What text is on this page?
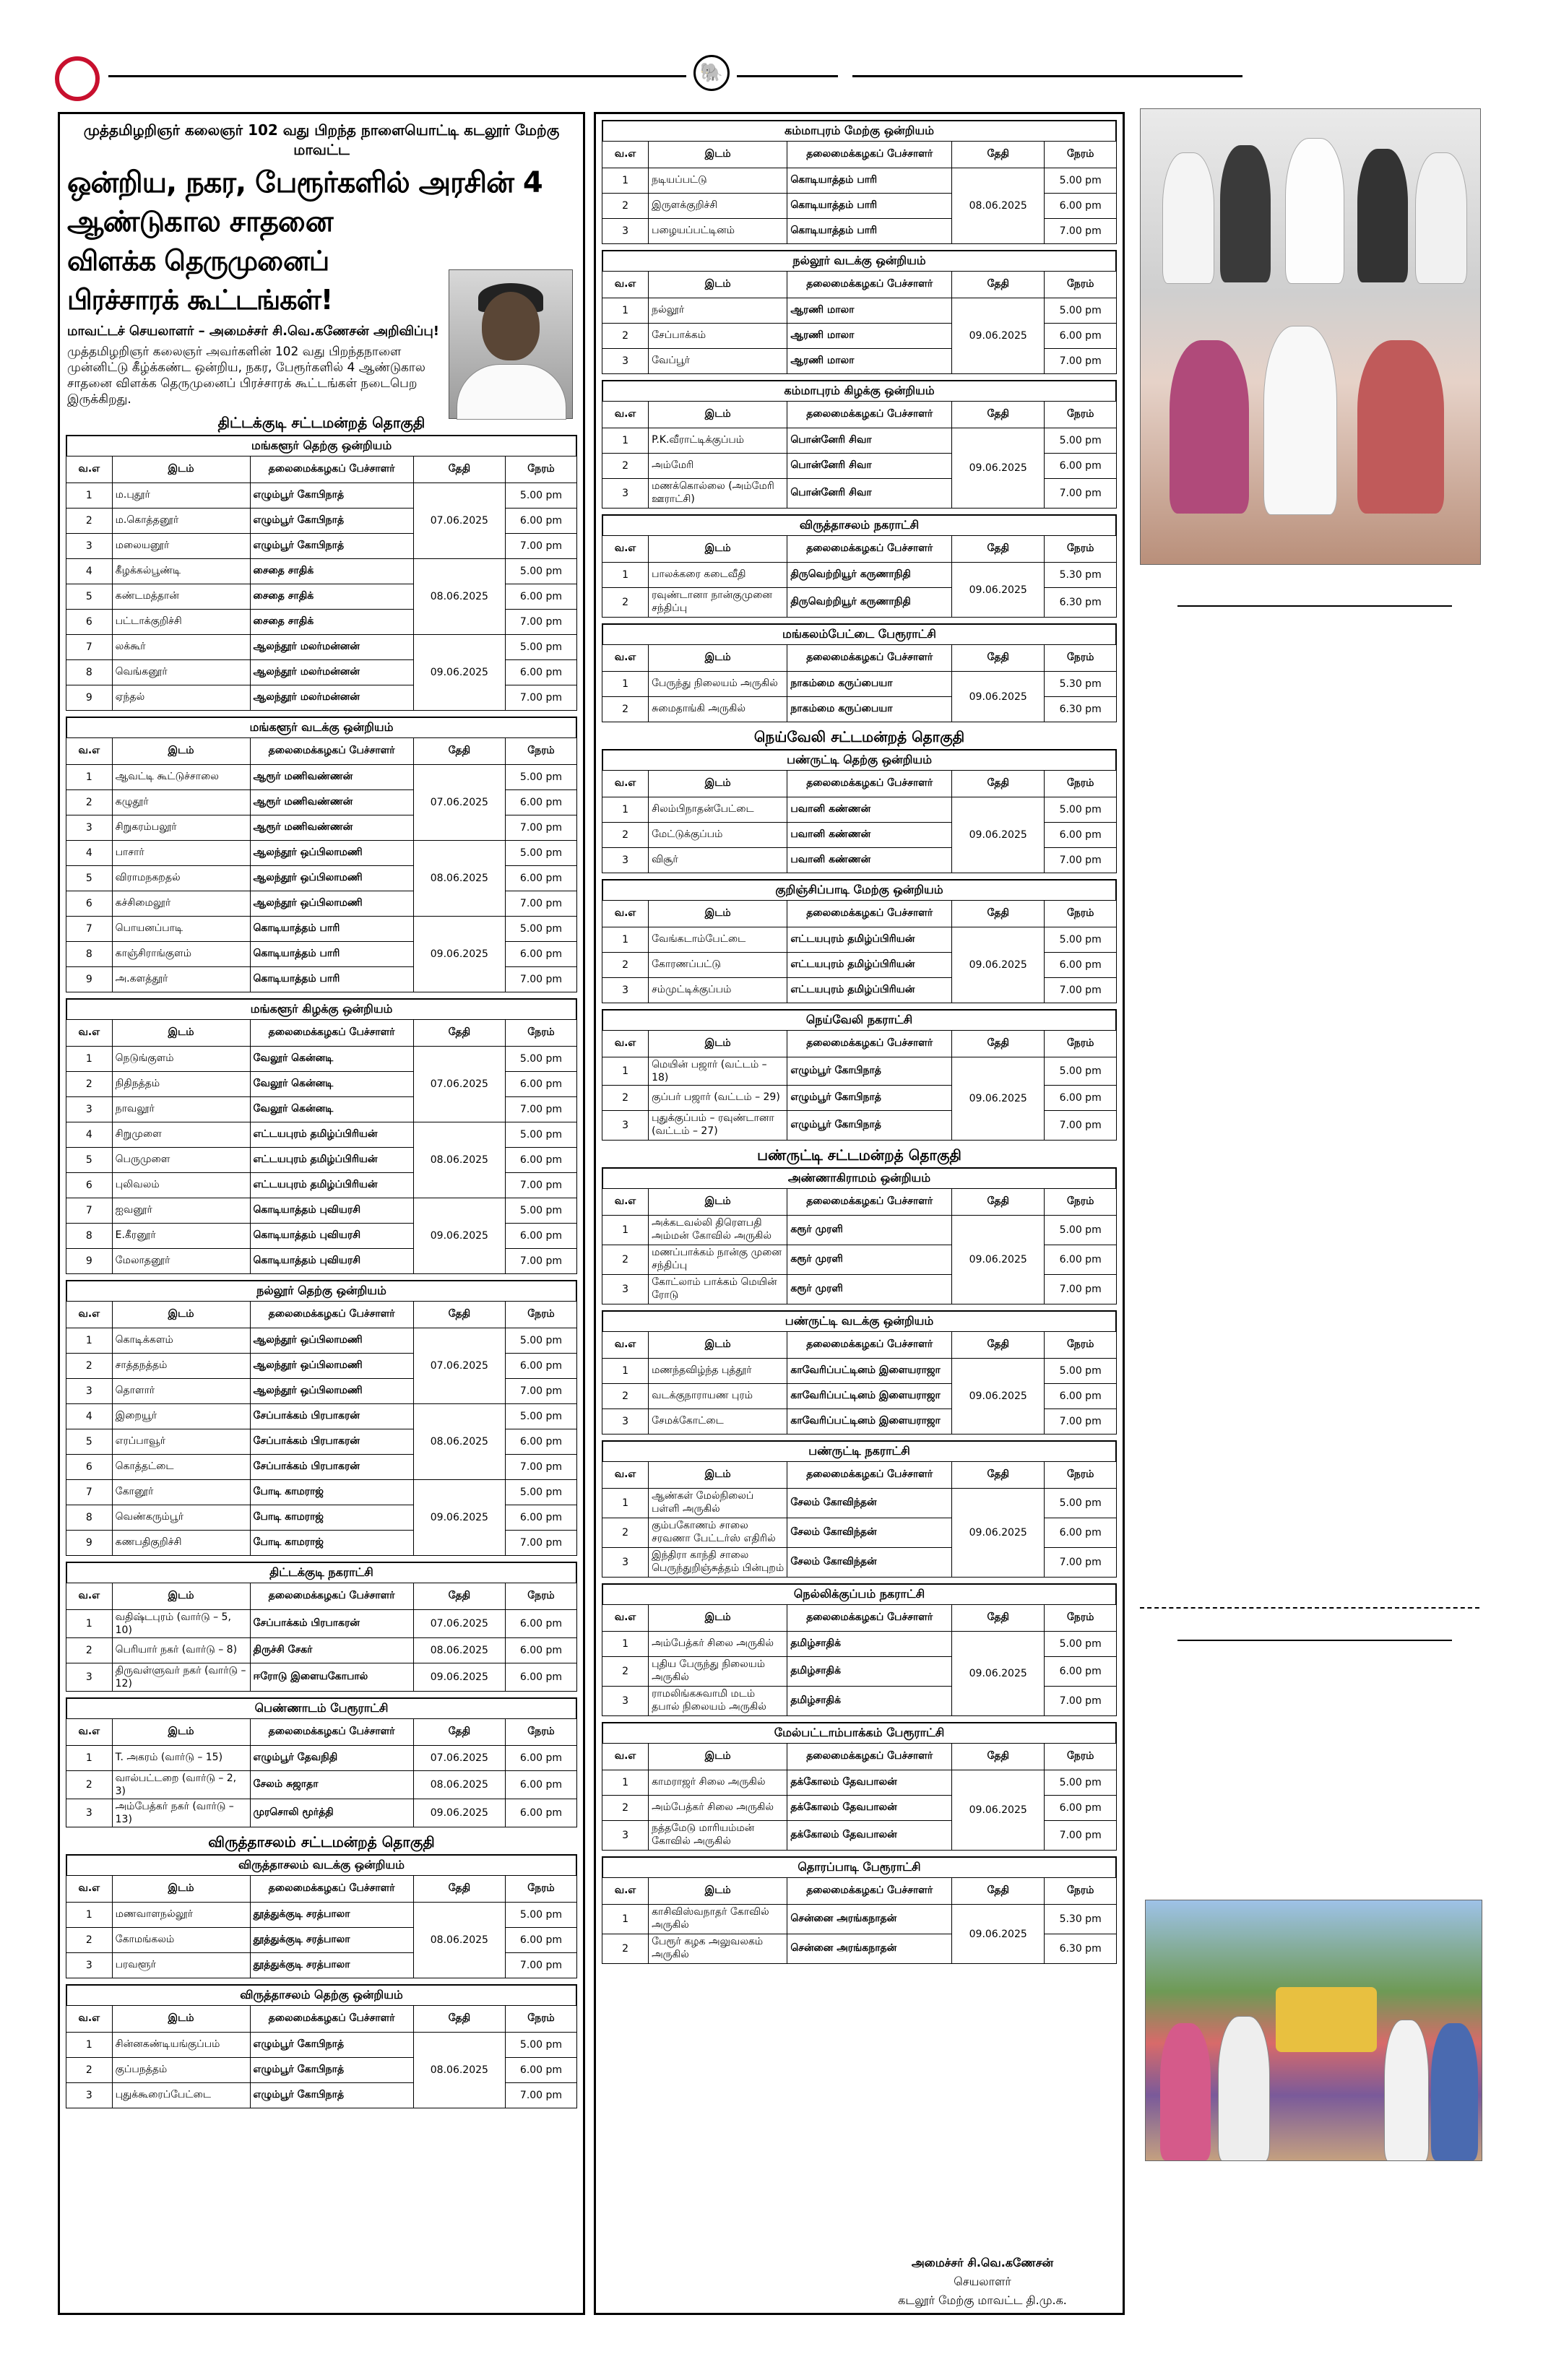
🐘
முத்தமிழறிஞர் கலைஞர் 102 வது பிறந்த நாளையொட்டி கடலூர் மேற்கு மாவட்ட
ஒன்றிய, நகர, பேரூர்களில் அரசின் 4 ஆண்டுகால சாதனை
விளக்க தெருமுனைப் பிரச்சாரக் கூட்டங்கள்!
மாவட்டச் செயலாளர் – அமைச்சர் சி.வெ.கணேசன் அறிவிப்பு!
முத்தமிழறிஞர் கலைஞர் அவர்களின் 102 வது பிறந்தநாளை முன்னிட்டு கீழ்க்கண்ட ஒன்றிய, நகர, பேரூர்களில் 4 ஆண்டுகால சாதனை விளக்க தெருமுனைப் பிரச்சாரக் கூட்டங்கள் நடைபெற இருக்கிறது.
திட்டக்குடி சட்டமன்றத் தொகுதி
மங்களூர் தெற்கு ஒன்றியம்
வ.எ	இடம்	தலைமைக்கழகப் பேச்சாளர்	தேதி	நேரம்
1	ம.புதூர்	எழும்பூர் கோபிநாத்	07.06.2025	5.00 pm
2	ம.கொத்தனூர்	எழும்பூர் கோபிநாத்		6.00 pm
3	மலையனூர்	எழும்பூர் கோபிநாத்		7.00 pm
4	கீழக்கல்பூண்டி	சைதை சாதிக்	08.06.2025	5.00 pm
5	கண்டமத்தான்	சைதை சாதிக்		6.00 pm
6	பட்டாக்குறிச்சி	சைதை சாதிக்		7.00 pm
7	லக்கூர்	ஆலந்தூர் மலர்மன்னன்	09.06.2025	5.00 pm
8	வெங்கனூர்	ஆலந்தூர் மலர்மன்னன்		6.00 pm
9	ஏந்தல்	ஆலந்தூர் மலர்மன்னன்		7.00 pm
மங்களூர் வடக்கு ஒன்றியம்
வ.எ	இடம்	தலைமைக்கழகப் பேச்சாளர்	தேதி	நேரம்
1	ஆவட்டி கூட்டுச்சாலை	ஆரூர் மணிவண்ணன்	07.06.2025	5.00 pm
2	கழுதூர்	ஆரூர் மணிவண்ணன்		6.00 pm
3	சிறுகரம்பலூர்	ஆரூர் மணிவண்ணன்		7.00 pm
4	பாசார்	ஆலந்தூர் ஒப்பிலாமணி	08.06.2025	5.00 pm
5	விராமநகறதல்	ஆலந்தூர் ஒப்பிலாமணி		6.00 pm
6	கச்சிமைலூர்	ஆலந்தூர் ஒப்பிலாமணி		7.00 pm
7	பொயனப்பாடி	கொடியாத்தம் பாரி	09.06.2025	5.00 pm
8	காஞ்சிராங்குளம்	கொடியாத்தம் பாரி		6.00 pm
9	அ.களத்தூர்	கொடியாத்தம் பாரி		7.00 pm
மங்களூர் கிழக்கு ஒன்றியம்
வ.எ	இடம்	தலைமைக்கழகப் பேச்சாளர்	தேதி	நேரம்
1	நெடுங்குளம்	வேலூர் கென்னடி	07.06.2025	5.00 pm
2	நிதிநத்தம்	வேலூர் கென்னடி		6.00 pm
3	நாவலூர்	வேலூர் கென்னடி		7.00 pm
4	சிறுமுளை	எட்டயபுரம் தமிழ்ப்பிரியன்	08.06.2025	5.00 pm
5	பெருமுளை	எட்டயபுரம் தமிழ்ப்பிரியன்		6.00 pm
6	புலிவலம்	எட்டயபுரம் தமிழ்ப்பிரியன்		7.00 pm
7	ஐவனூர்	கொடியாத்தம் புவியரசி	09.06.2025	5.00 pm
8	E.கீரனூர்	கொடியாத்தம் புவியரசி		6.00 pm
9	மேலாதனூர்	கொடியாத்தம் புவியரசி		7.00 pm
நல்லூர் தெற்கு ஒன்றியம்
வ.எ	இடம்	தலைமைக்கழகப் பேச்சாளர்	தேதி	நேரம்
1	கொடிக்களம்	ஆலந்தூர் ஒப்பிலாமணி	07.06.2025	5.00 pm
2	சாத்தநத்தம்	ஆலந்தூர் ஒப்பிலாமணி		6.00 pm
3	தொளார்	ஆலந்தூர் ஒப்பிலாமணி		7.00 pm
4	இறையூர்	சேப்பாக்கம் பிரபாகரன்	08.06.2025	5.00 pm
5	எரப்பாவூர்	சேப்பாக்கம் பிரபாகரன்		6.00 pm
6	கொத்தட்டை	சேப்பாக்கம் பிரபாகரன்		7.00 pm
7	கோனூர்	போடி காமராஜ்	09.06.2025	5.00 pm
8	வெண்கரும்பூர்	போடி காமராஜ்		6.00 pm
9	கணபதிகுறிச்சி	போடி காமராஜ்		7.00 pm
திட்டக்குடி நகராட்சி
வ.எ	இடம்	தலைமைக்கழகப் பேச்சாளர்	தேதி	நேரம்
1	வதிஷ்டபுரம் (வார்டு – 5, 10)	சேப்பாக்கம் பிரபாகரன்	07.06.2025	6.00 pm
2	பெரியார் நகர் (வார்டு – 8)	திருச்சி சேகர்	08.06.2025	6.00 pm
3	திருவள்ளுவர் நகர் (வார்டு – 12)	ஈரோடு இளையகோபால்	09.06.2025	6.00 pm
பெண்ணாடம் பேரூராட்சி
வ.எ	இடம்	தலைமைக்கழகப் பேச்சாளர்	தேதி	நேரம்
1	T. அகரம் (வார்டு – 15)	எழும்பூர் தேவநிதி	07.06.2025	6.00 pm
2	வால்பட்டறை (வார்டு – 2, 3)	சேலம் சுஜாதா	08.06.2025	6.00 pm
3	அம்பேத்கர் நகர் (வார்டு – 13)	முரசொலி மூர்த்தி	09.06.2025	6.00 pm
விருத்தாசலம் சட்டமன்றத் தொகுதி
விருத்தாசலம் வடக்கு ஒன்றியம்
வ.எ	இடம்	தலைமைக்கழகப் பேச்சாளர்	தேதி	நேரம்
1	மணவாளநல்லூர்	தூத்துக்குடி சரத்பாலா	08.06.2025	5.00 pm
2	கோமங்கலம்	தூத்துக்குடி சரத்பாலா		6.00 pm
3	பரவளூர்	தூத்துக்குடி சரத்பாலா		7.00 pm
விருத்தாசலம் தெற்கு ஒன்றியம்
வ.எ	இடம்	தலைமைக்கழகப் பேச்சாளர்	தேதி	நேரம்
1	சின்னகண்டியங்குப்பம்	எழும்பூர் கோபிநாத்	08.06.2025	5.00 pm
2	குப்பநத்தம்	எழும்பூர் கோபிநாத்		6.00 pm
3	புதுக்கூரைப்பேட்டை	எழும்பூர் கோபிநாத்		7.00 pm
கம்மாபுரம் மேற்கு ஒன்றியம்
வ.எ	இடம்	தலைமைக்கழகப் பேச்சாளர்	தேதி	நேரம்
1	நடியப்பட்டு	கொடியாத்தம் பாரி	08.06.2025	5.00 pm
2	இருளக்குறிச்சி	கொடியாத்தம் பாரி		6.00 pm
3	பழையப்பட்டினம்	கொடியாத்தம் பாரி		7.00 pm
நல்லூர் வடக்கு ஒன்றியம்
வ.எ	இடம்	தலைமைக்கழகப் பேச்சாளர்	தேதி	நேரம்
1	நல்லூர்	ஆரணி மாலா	09.06.2025	5.00 pm
2	சேப்பாக்கம்	ஆரணி மாலா		6.00 pm
3	வேப்பூர்	ஆரணி மாலா		7.00 pm
கம்மாபுரம் கிழக்கு ஒன்றியம்
வ.எ	இடம்	தலைமைக்கழகப் பேச்சாளர்	தேதி	நேரம்
1	P.K.வீராட்டிக்குப்பம்	பொன்னேரி சிவா	09.06.2025	5.00 pm
2	அம்மேரி	பொன்னேரி சிவா		6.00 pm
3	மணக்கொல்லை (அம்மேரி ஊராட்சி)	பொன்னேரி சிவா		7.00 pm
விருத்தாசலம் நகராட்சி
வ.எ	இடம்	தலைமைக்கழகப் பேச்சாளர்	தேதி	நேரம்
1	பாலக்கரை கடைவீதி	திருவெற்றியூர் கருணாநிதி	09.06.2025	5.30 pm
2	ரவுண்டானா நான்குமுனை சந்திப்பு	திருவெற்றியூர் கருணாநிதி		6.30 pm
மங்கலம்பேட்டை பேரூராட்சி
வ.எ	இடம்	தலைமைக்கழகப் பேச்சாளர்	தேதி	நேரம்
1	பேருந்து நிலையம் அருகில்	நாகம்மை கருப்பையா	09.06.2025	5.30 pm
2	சுமைதாங்கி அருகில்	நாகம்மை கருப்பையா		6.30 pm
நெய்வேலி சட்டமன்றத் தொகுதி
பண்ருட்டி தெற்கு ஒன்றியம்
வ.எ	இடம்	தலைமைக்கழகப் பேச்சாளர்	தேதி	நேரம்
1	சிலம்பிநாதன்பேட்டை	பவானி கண்ணன்	09.06.2025	5.00 pm
2	மேட்டுக்குப்பம்	பவானி கண்ணன்		6.00 pm
3	விசூர்	பவானி கண்ணன்		7.00 pm
குறிஞ்சிப்பாடி மேற்கு ஒன்றியம்
வ.எ	இடம்	தலைமைக்கழகப் பேச்சாளர்	தேதி	நேரம்
1	வேங்கடாம்பேட்டை	எட்டயபுரம் தமிழ்ப்பிரியன்	09.06.2025	5.00 pm
2	கோரணப்பட்டு	எட்டயபுரம் தமிழ்ப்பிரியன்		6.00 pm
3	சம்முட்டிக்குப்பம்	எட்டயபுரம் தமிழ்ப்பிரியன்		7.00 pm
நெய்வேலி நகராட்சி
வ.எ	இடம்	தலைமைக்கழகப் பேச்சாளர்	தேதி	நேரம்
1	மெயின் பஜார் (வட்டம் – 18)	எழும்பூர் கோபிநாத்	09.06.2025	5.00 pm
2	குப்பர் பஜார் (வட்டம் – 29)	எழும்பூர் கோபிநாத்		6.00 pm
3	புதுக்குப்பம் – ரவுண்டானா (வட்டம் – 27)	எழும்பூர் கோபிநாத்		7.00 pm
பண்ருட்டி சட்டமன்றத் தொகுதி
அண்ணாகிராமம் ஒன்றியம்
வ.எ	இடம்	தலைமைக்கழகப் பேச்சாளர்	தேதி	நேரம்
1	அக்கடவல்லி திரௌபதி அம்மன் கோவில் அருகில்	கரூர் முரளி	09.06.2025	5.00 pm
2	மணப்பாக்கம் நான்கு முனை சந்திப்பு	கரூர் முரளி		6.00 pm
3	கோட்லாம் பாக்கம் மெயின் ரோடு	கரூர் முரளி		7.00 pm
பண்ருட்டி வடக்கு ஒன்றியம்
வ.எ	இடம்	தலைமைக்கழகப் பேச்சாளர்	தேதி	நேரம்
1	மணந்தவிழ்ந்த புத்தூர்	காவேரிப்பட்டினம் இளையராஜா	09.06.2025	5.00 pm
2	வடக்குநாராயண புரம்	காவேரிப்பட்டினம் இளையராஜா		6.00 pm
3	சேமக்கோட்டை	காவேரிப்பட்டினம் இளையராஜா		7.00 pm
பண்ருட்டி நகராட்சி
வ.எ	இடம்	தலைமைக்கழகப் பேச்சாளர்	தேதி	நேரம்
1	ஆண்கள் மேல்நிலைப் பள்ளி அருகில்	சேலம் கோவிந்தன்	09.06.2025	5.00 pm
2	கும்பகோணம் சாலை சரவணா பேட்டர்ஸ் எதிரில்	சேலம் கோவிந்தன்		6.00 pm
3	இந்திரா காந்தி சாலை பெருந்துறிஞ்சுத்தம் பின்புறம்	சேலம் கோவிந்தன்		7.00 pm
நெல்லிக்குப்பம் நகராட்சி
வ.எ	இடம்	தலைமைக்கழகப் பேச்சாளர்	தேதி	நேரம்
1	அம்பேத்கர் சிலை அருகில்	தமிழ்சாதிக்	09.06.2025	5.00 pm
2	புதிய பேருந்து நிலையம் அருகில்	தமிழ்சாதிக்		6.00 pm
3	ராமலிங்கசுவாமி மடம் தபால் நிலையம் அருகில்	தமிழ்சாதிக்		7.00 pm
மேல்பட்டாம்பாக்கம் பேரூராட்சி
வ.எ	இடம்	தலைமைக்கழகப் பேச்சாளர்	தேதி	நேரம்
1	காமராஜர் சிலை அருகில்	தக்கோலம் தேவபாலன்	09.06.2025	5.00 pm
2	அம்பேத்கர் சிலை அருகில்	தக்கோலம் தேவபாலன்		6.00 pm
3	நத்தமேடு மாரியம்மன் கோவில் அருகில்	தக்கோலம் தேவபாலன்		7.00 pm
தொரப்பாடி பேரூராட்சி
வ.எ	இடம்	தலைமைக்கழகப் பேச்சாளர்	தேதி	நேரம்
1	காசிவிஸ்வநாதர் கோவில் அருகில்	சென்னை அரங்கநாதன்	09.06.2025	5.30 pm
2	பேரூர் கழக அலுவலகம் அருகில்	சென்னை அரங்கநாதன்		6.30 pm
அமைச்சர் சி.வெ.கணேசன்
செயலாளர்
கடலூர் மேற்கு மாவட்ட தி.மு.க.
